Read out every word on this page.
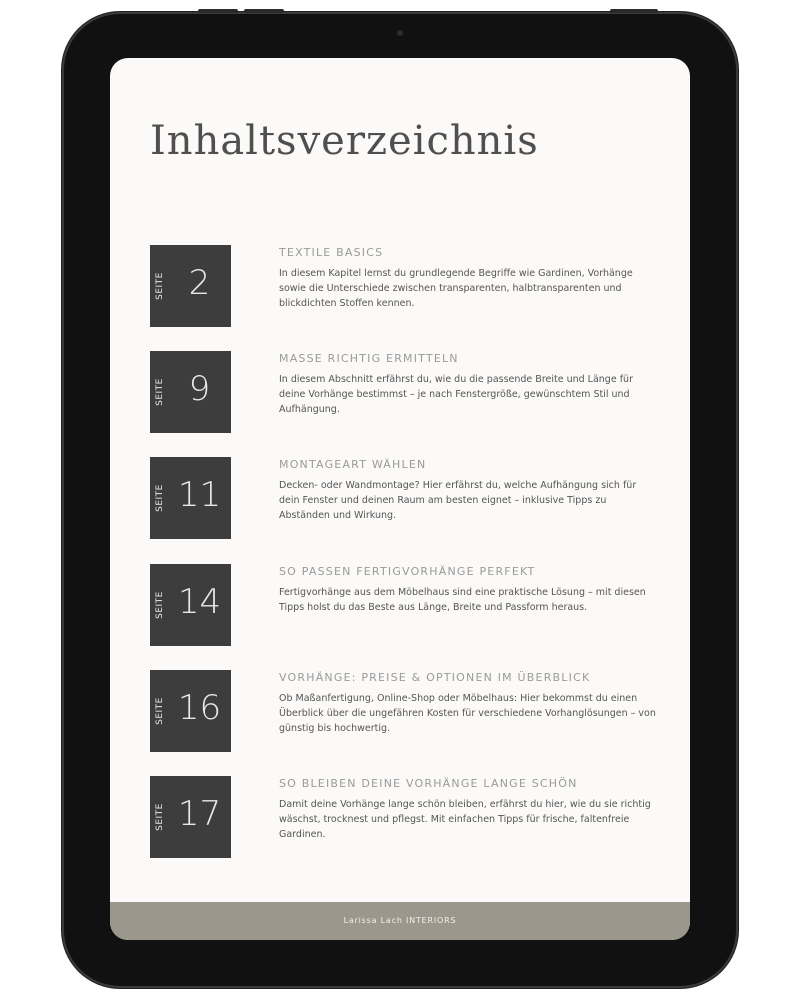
Inhaltsverzeichnis
SEITE 2
TEXTILE BASICS

In diesem Kapitel lernst du grundlegende Begriffe wie Gardinen, Vorhänge sowie die Unterschiede zwischen transparenten, halbtransparenten und blickdichten Stoffen kennen.

SEITE 9
MASSE RICHTIG ERMITTELN

In diesem Abschnitt erfährst du, wie du die passende Breite und Länge für deine Vorhänge bestimmst – je nach Fenstergröße, gewünschtem Stil und Aufhängung.

SEITE 11
MONTAGEART WÄHLEN

Decken- oder Wandmontage? Hier erfährst du, welche Aufhängung sich für dein Fenster und deinen Raum am besten eignet – inklusive Tipps zu Abständen und Wirkung.

SEITE 14
SO PASSEN FERTIGVORHÄNGE PERFEKT

Fertigvorhänge aus dem Möbelhaus sind eine praktische Lösung – mit diesen Tipps holst du das Beste aus Länge, Breite und Passform heraus.

SEITE 16
VORHÄNGE: PREISE & OPTIONEN IM ÜBERBLICK

Ob Maßanfertigung, Online-Shop oder Möbelhaus: Hier bekommst du einen Überblick über die ungefähren Kosten für verschiedene Vorhanglösungen – von günstig bis hochwertig.

SEITE 17
SO BLEIBEN DEINE VORHÄNGE LANGE SCHÖN

Damit deine Vorhänge lange schön bleiben, erfährst du hier, wie du sie richtig wäschst, trocknest und pflegst. Mit einfachen Tipps für frische, faltenfreie Gardinen.

Larissa Lach INTERIORS
